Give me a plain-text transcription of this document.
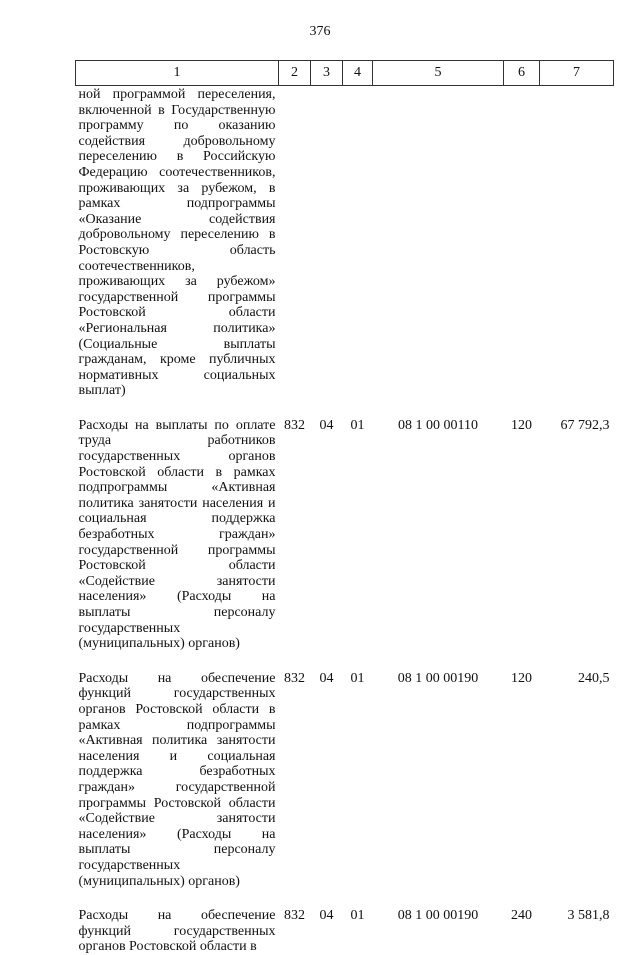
376
1	2	3	4	5	6	7
ной программой переселения, включенной в Государственную программу по оказанию содействия добровольному переселению в Российскую Федерацию соотечественников, проживающих за рубежом, в рамках подпрограммы «Оказание содействия добровольному переселению в Ростовскую область соотечественников, проживающих за рубежом» государственной программы Ростовской области «Региональная политика» (Социальные выплаты гражданам, кроме публичных нормативных социальных выплат)						
Расходы на выплаты по оплате труда работников государственных органов Ростовской области в рамках подпрограммы «Активная политика занятости населения и социальная поддержка безработных граждан» государственной программы Ростовской области «Содействие занятости населения» (Расходы на выплаты персоналу государственных (муниципальных) органов)	832	04	01	08 1 00 00110	120	67 792,3
Расходы на обеспечение функций государственных органов Ростовской области в рамках подпрограммы «Активная политика занятости населения и социальная поддержка безработных граждан» государственной программы Ростовской области «Содействие занятости населения» (Расходы на выплаты персоналу государственных (муниципальных) органов)	832	04	01	08 1 00 00190	120	240,5
Расходы на обеспечение функций государственных органов Ростовской области в	832	04	01	08 1 00 00190	240	3 581,8
